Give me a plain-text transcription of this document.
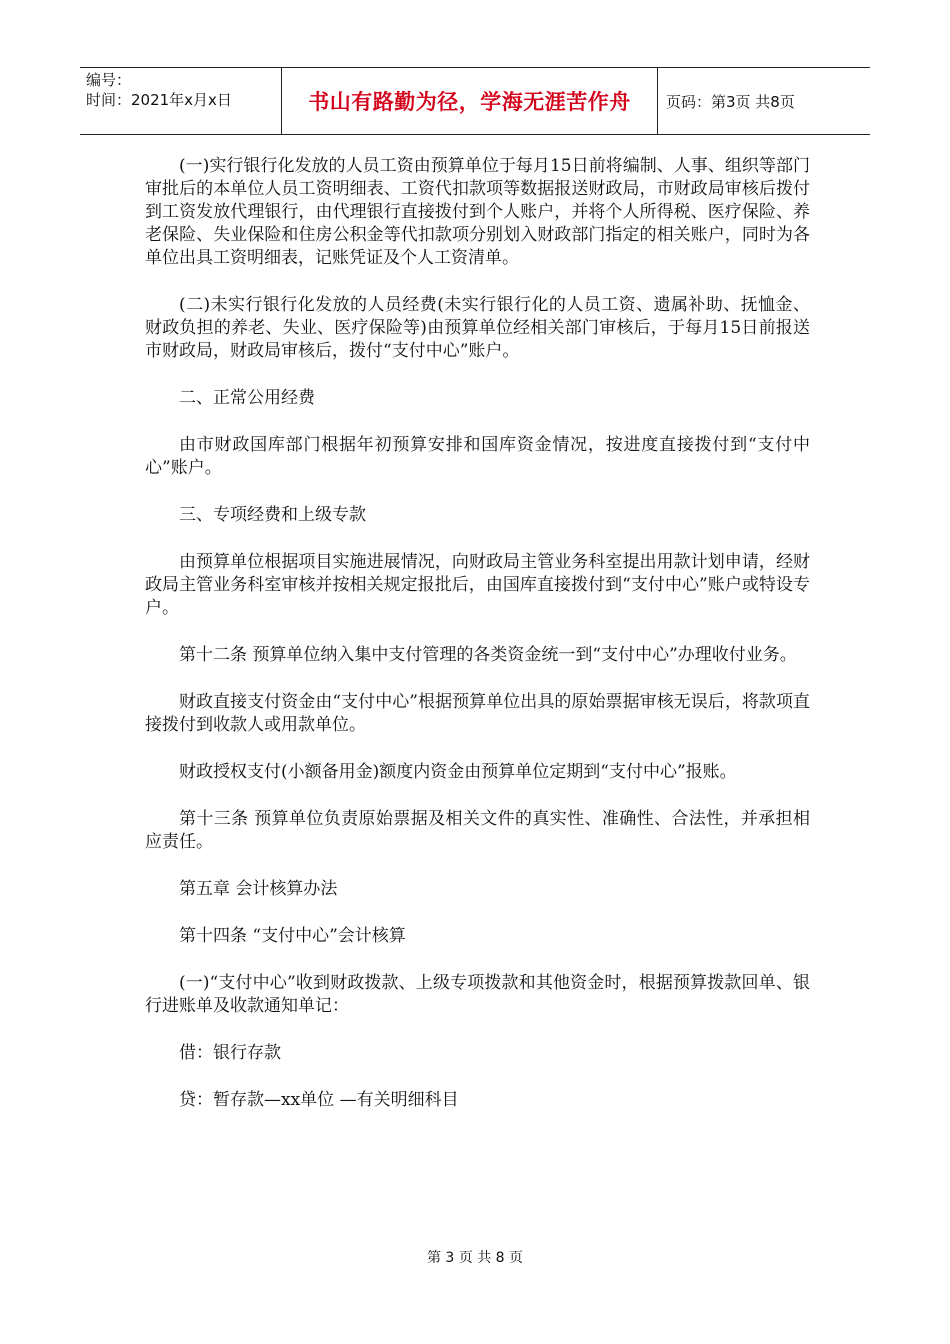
编号：
时间：2021年x月x日	书山有路勤为径，学海无涯苦作舟	页码：第3页 共8页

(一)实行银行化发放的人员工资由预算单位于每月15日前将编制、人事、组织等部门审批后的本单位人员工资明细表、工资代扣款项等数据报送财政局，市财政局审核后拨付到工资发放代理银行，由代理银行直接拨付到个人账户，并将个人所得税、医疗保险、养老保险、失业保险和住房公积金等代扣款项分别划入财政部门指定的相关账户，同时为各单位出具工资明细表，记账凭证及个人工资清单。

(二)未实行银行化发放的人员经费(未实行银行化的人员工资、遗属补助、抚恤金、财政负担的养老、失业、医疗保险等)由预算单位经相关部门审核后，于每月15日前报送市财政局，财政局审核后，拨付“支付中心”账户。

二、正常公用经费

由市财政国库部门根据年初预算安排和国库资金情况，按进度直接拨付到“支付中心”账户。

三、专项经费和上级专款

由预算单位根据项目实施进展情况，向财政局主管业务科室提出用款计划申请，经财政局主管业务科室审核并按相关规定报批后，由国库直接拨付到“支付中心”账户或特设专户。

第十二条 预算单位纳入集中支付管理的各类资金统一到“支付中心”办理收付业务。

财政直接支付资金由“支付中心”根据预算单位出具的原始票据审核无误后，将款项直接拨付到收款人或用款单位。

财政授权支付(小额备用金)额度内资金由预算单位定期到“支付中心”报账。

第十三条 预算单位负责原始票据及相关文件的真实性、准确性、合法性，并承担相应责任。

第五章 会计核算办法

第十四条 “支付中心”会计核算

(一)“支付中心”收到财政拨款、上级专项拨款和其他资金时，根据预算拨款回单、银行进账单及收款通知单记：

借：银行存款

贷：暂存款—xx单位 —有关明细科目

第 3 页 共 8 页
